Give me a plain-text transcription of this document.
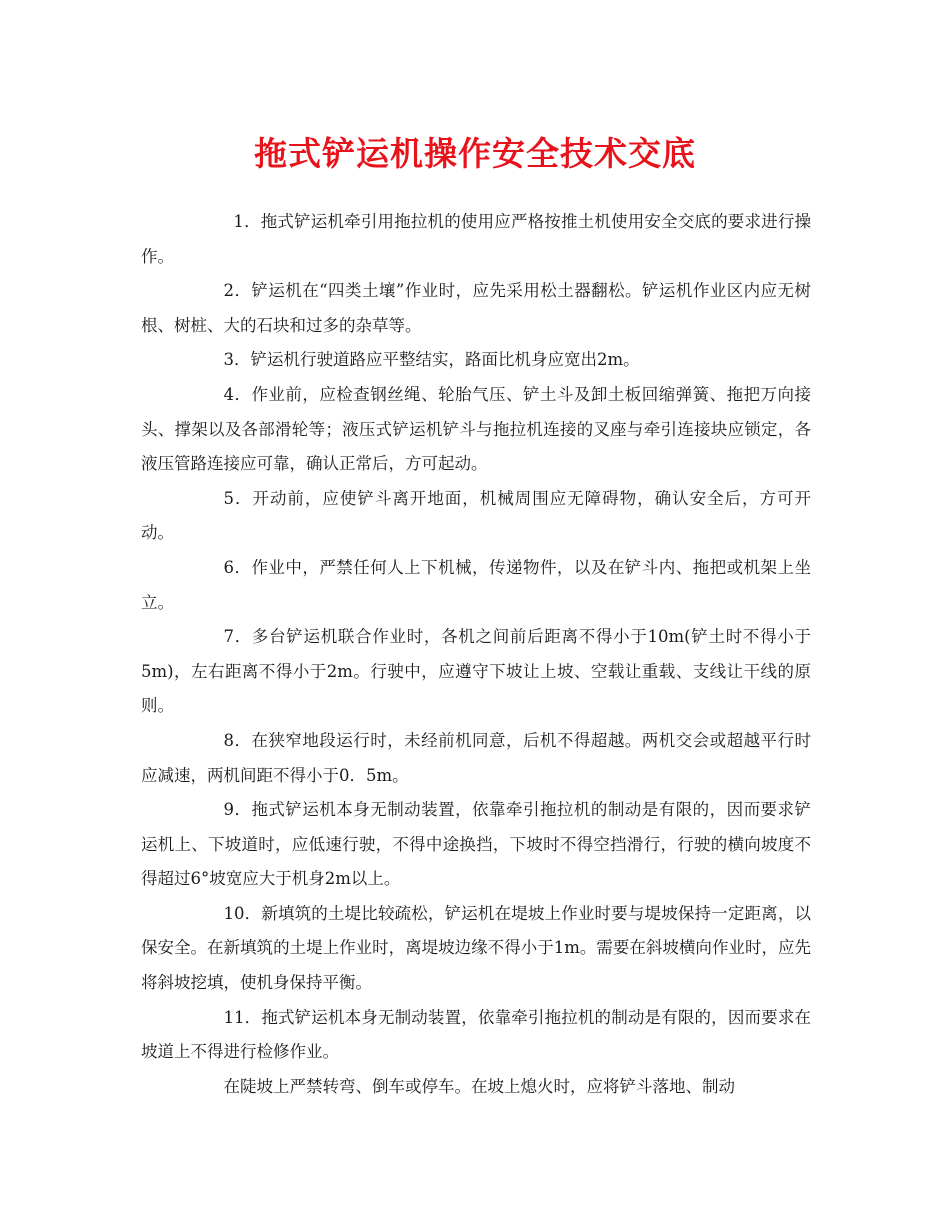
拖式铲运机操作安全技术交底

1．拖式铲运机牵引用拖拉机的使用应严格按推土机使用安全交底的要求进行操作。

2．铲运机在“四类土壤”作业时，应先采用松土器翻松。铲运机作业区内应无树根、树桩、大的石块和过多的杂草等。

3．铲运机行驶道路应平整结实，路面比机身应宽出2m。

4．作业前，应检查钢丝绳、轮胎气压、铲土斗及卸土板回缩弹簧、拖把万向接头、撑架以及各部滑轮等；液压式铲运机铲斗与拖拉机连接的叉座与牵引连接块应锁定，各液压管路连接应可靠，确认正常后，方可起动。

5．开动前，应使铲斗离开地面，机械周围应无障碍物，确认安全后，方可开动。

6．作业中，严禁任何人上下机械，传递物件，以及在铲斗内、拖把或机架上坐立。

7．多台铲运机联合作业时，各机之间前后距离不得小于10m(铲土时不得小于5m)，左右距离不得小于2m。行驶中，应遵守下坡让上坡、空载让重载、支线让干线的原则。

8．在狭窄地段运行时，未经前机同意，后机不得超越。两机交会或超越平行时应减速，两机间距不得小于0．5m。

9．拖式铲运机本身无制动装置，依靠牵引拖拉机的制动是有限的，因而要求铲运机上、下坡道时，应低速行驶，不得中途换挡，下坡时不得空挡滑行，行驶的横向坡度不得超过6°坡宽应大于机身2m以上。

10．新填筑的土堤比较疏松，铲运机在堤坡上作业时要与堤坡保持一定距离，以保安全。在新填筑的土堤上作业时，离堤坡边缘不得小于1m。需要在斜坡横向作业时，应先将斜坡挖填，使机身保持平衡。

11．拖式铲运机本身无制动装置，依靠牵引拖拉机的制动是有限的，因而要求在坡道上不得进行检修作业。

在陡坡上严禁转弯、倒车或停车。在坡上熄火时，应将铲斗落地、制动
